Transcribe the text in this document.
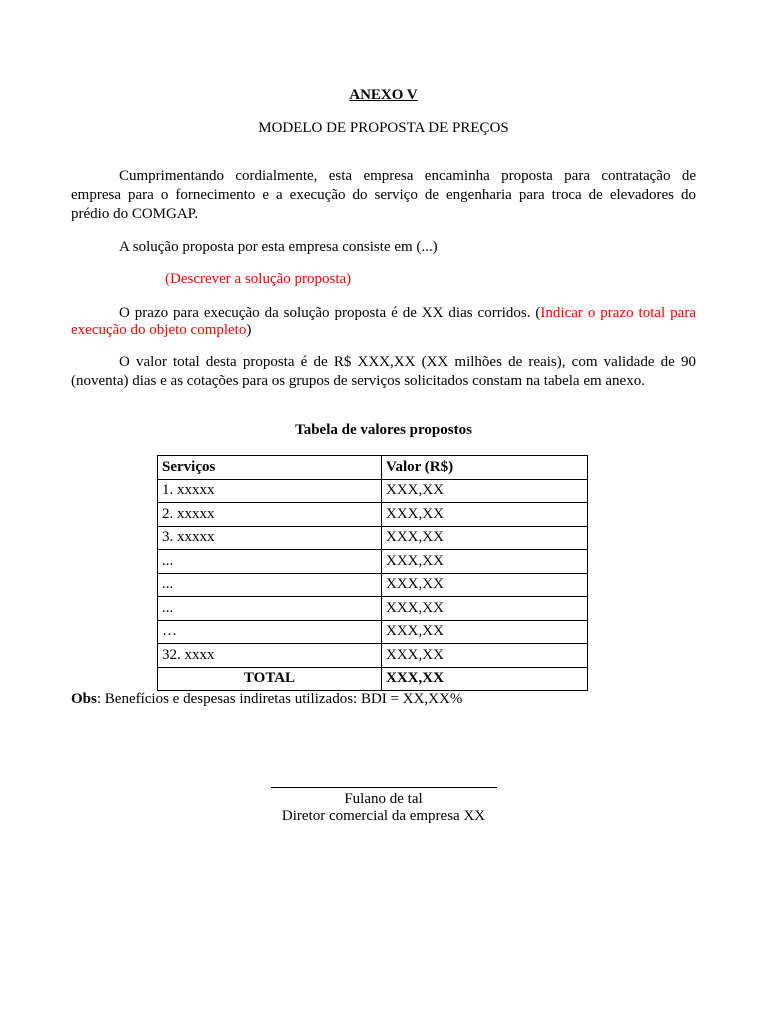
ANEXO V
MODELO DE PROPOSTA DE PREÇOS
Cumprimentando cordialmente, esta empresa encaminha proposta para contratação de
empresa para o fornecimento e a execução do serviço de engenharia para troca de elevadores do
prédio do COMGAP.
A solução proposta por esta empresa consiste em (...)
(Descrever a solução proposta)
O prazo para execução da solução proposta é de XX dias corridos. (Indicar o prazo total para
execução do objeto completo)
O valor total desta proposta é de R$ XXX,XX (XX milhões de reais), com validade de 90
(noventa) dias e as cotações para os grupos de serviços solicitados constam na tabela em anexo.
Tabela de valores propostos
Serviços	Valor (R$)
1. xxxxx	XXX,XX
2. xxxxx	XXX,XX
3. xxxxx	XXX,XX
...	XXX,XX
...	XXX,XX
...	XXX,XX
…	XXX,XX
32. xxxx	XXX,XX
TOTAL	XXX,XX
Obs: Benefícios e despesas indiretas utilizados: BDI = XX,XX%
Fulano de tal
Diretor comercial da empresa XX
